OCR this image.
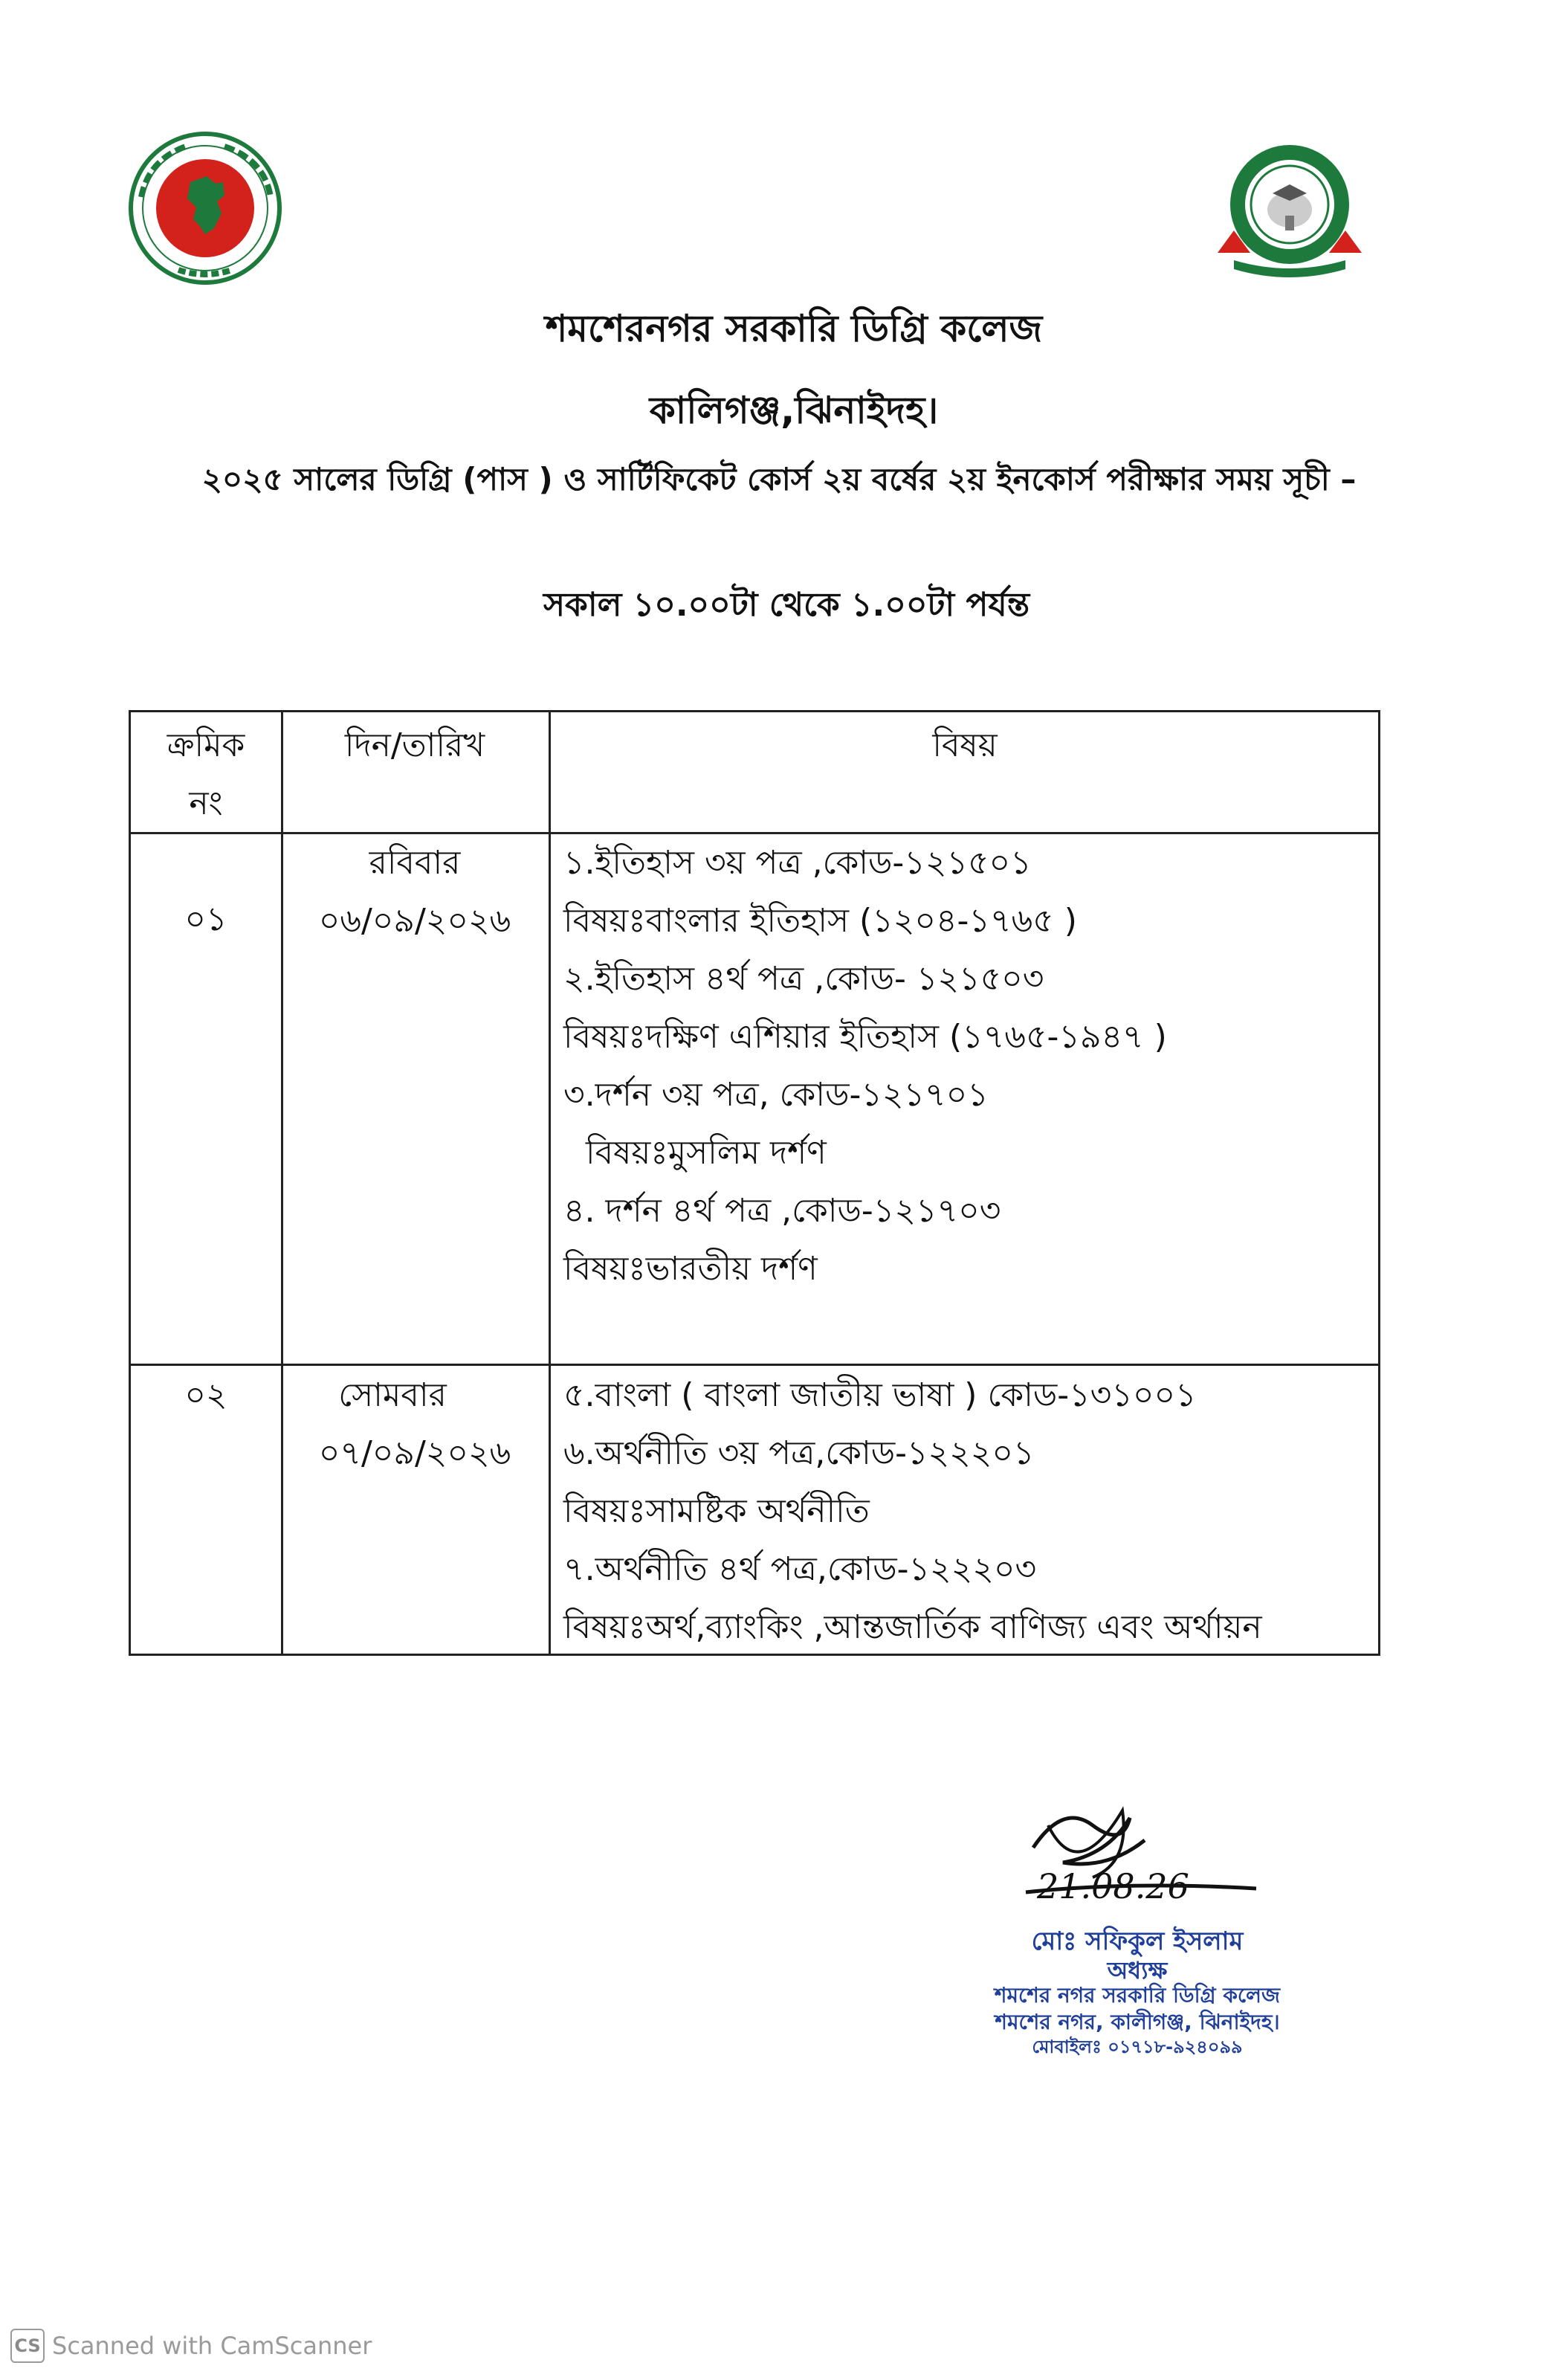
শমশেরনগর সরকারি ডিগ্রি কলেজ
কালিগঞ্জ,ঝিনাইদহ।
২০২৫ সালের ডিগ্রি (পাস ) ও সার্টিফিকেট কোর্স ২য় বর্ষের ২য় ইনকোর্স পরীক্ষার সময় সূচী –
সকাল ১০.০০টা থেকে ১.০০টা পর্যন্ত
ক্রমিক
নং
দিন/তারিখ	বিষয়
০১
রবিবার
০৬/০৯/২০২৬
১.ইতিহাস ৩য় পত্র ,কোড-১২১৫০১
বিষয়ঃবাংলার ইতিহাস (১২০৪-১৭৬৫ )
২.ইতিহাস ৪র্থ পত্র ,কোড- ১২১৫০৩
বিষয়ঃদক্ষিণ এশিয়ার ইতিহাস (১৭৬৫-১৯৪৭ )
৩.দর্শন ৩য় পত্র, কোড-১২১৭০১
বিষয়ঃমুসলিম দর্শণ
৪. দর্শন ৪র্থ পত্র ,কোড-১২১৭০৩
বিষয়ঃভারতীয় দর্শণ
০২	সোমবার
০৭/০৯/২০২৬
৫.বাংলা ( বাংলা জাতীয় ভাষা ) কোড-১৩১০০১
৬.অর্থনীতি ৩য় পত্র,কোড-১২২২০১
বিষয়ঃসামষ্টিক অর্থনীতি
৭.অর্থনীতি ৪র্থ পত্র,কোড-১২২২০৩
বিষয়ঃঅর্থ,ব্যাংকিং ,আন্তজার্তিক বাণিজ্য এবং অর্থায়ন
21.08.26
মোঃ সফিকুল ইসলাম
অধ্যক্ষ
শমশের নগর সরকারি ডিগ্রি কলেজ
শমশের নগর, কালীগঞ্জ, ঝিনাইদহ।
মোবাইলঃ ০১৭১৮-৯২৪০৯৯
CS Scanned with CamScanner
